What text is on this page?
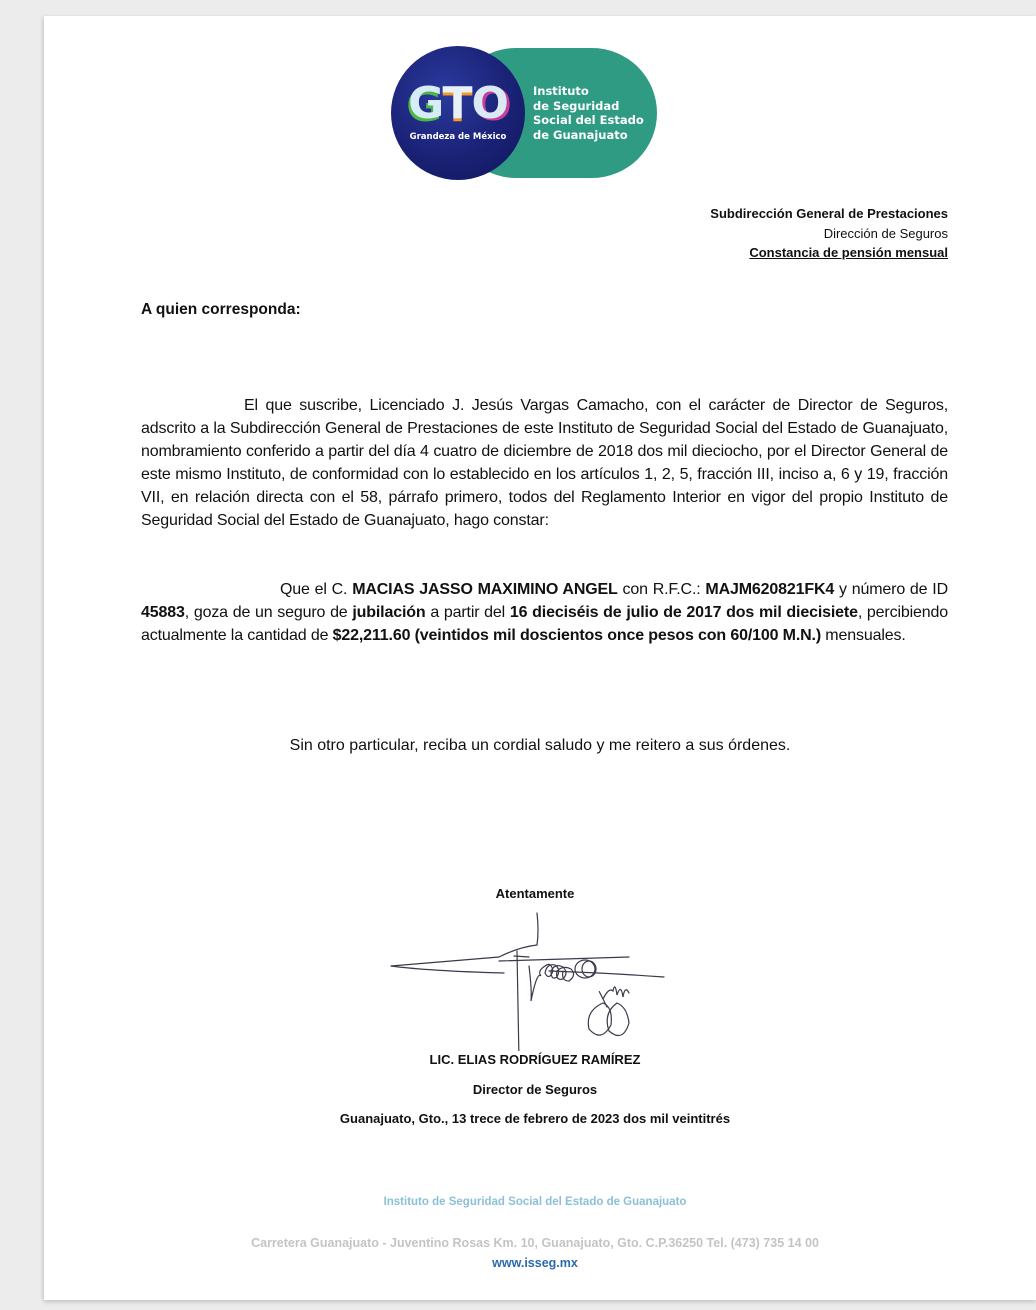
GTO
Grandeza de México
Instituto
de Seguridad
Social del Estado
de Guanajuato
Subdirección General de Prestaciones
Dirección de Seguros
Constancia de pensión mensual
A quien corresponda:
El que suscribe, Licenciado J. Jesús Vargas Camacho, con el carácter de Director de Seguros, adscrito a la Subdirección General de Prestaciones de este Instituto de Seguridad Social del Estado de Guanajuato, nombramiento conferido a partir del día 4 cuatro de diciembre de 2018 dos mil dieciocho, por el Director General de este mismo Instituto, de conformidad con lo establecido en los artículos 1, 2, 5, fracción III, inciso a, 6 y 19, fracción VII, en relación directa con el 58, párrafo primero, todos del Reglamento Interior en vigor del propio Instituto de Seguridad Social del Estado de Guanajuato, hago constar:
Que el C. MACIAS JASSO MAXIMINO ANGEL con R.F.C.: MAJM620821FK4 y número de ID 45883, goza de un seguro de jubilación a partir del 16 dieciséis de julio de 2017 dos mil diecisiete, percibiendo actualmente la cantidad de $22,211.60 (veintidos mil doscientos once pesos con 60/100 M.N.) mensuales.
Sin otro particular, reciba un cordial saludo y me reitero a sus órdenes.
Atentamente
LIC. ELIAS RODRÍGUEZ RAMÍREZ
Director de Seguros
Guanajuato, Gto., 13 trece de febrero de 2023 dos mil veintitrés
Instituto de Seguridad Social del Estado de Guanajuato
Carretera Guanajuato - Juventino Rosas Km. 10, Guanajuato, Gto. C.P.36250 Tel. (473) 735 14 00
www.isseg.mx
